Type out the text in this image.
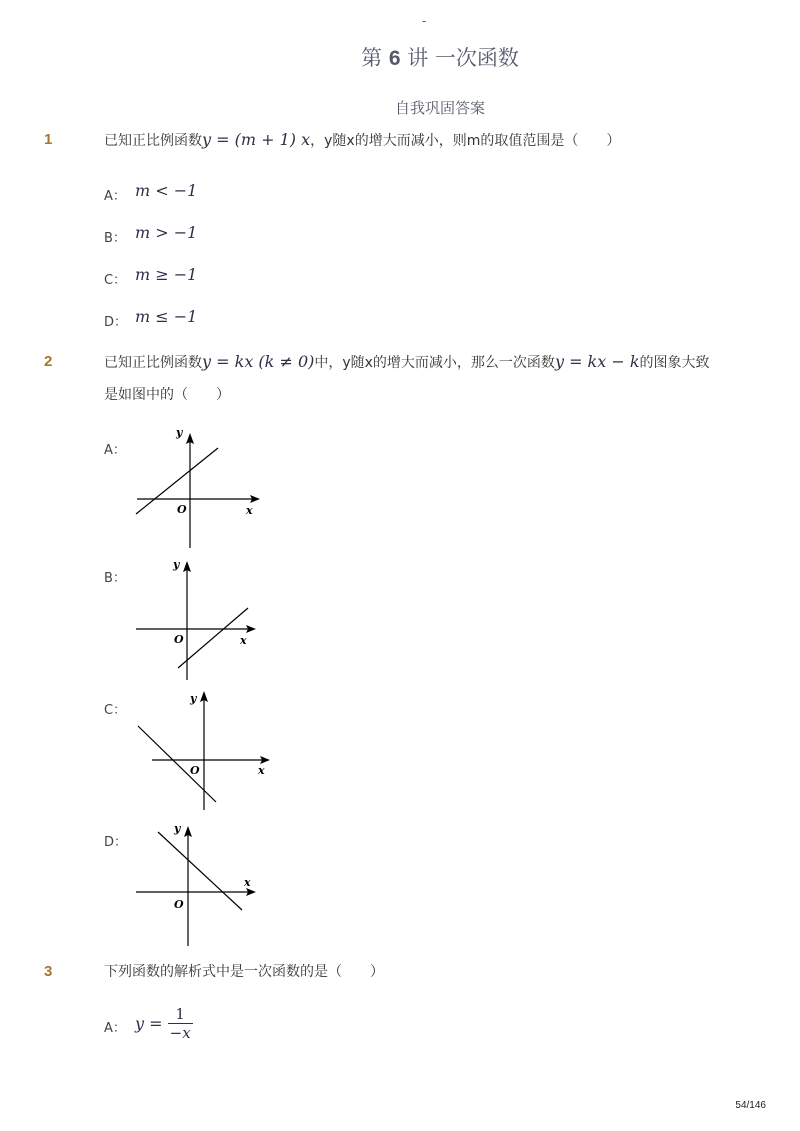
-
第 6 讲 一次函数
自我巩固答案
1	已知正比例函数y = (m + 1) x，y随x的增大而减小，则m的取值范围是（　　）
A： m < −1
B： m > −1
C： m ≥ −1
D： m ≤ −1
2	已知正比例函数y = kx (k ≠ 0)中，y随x的增大而减小，那么一次函数y = kx − k的图象大致
是如图中的（　　）
A：
y
x
O
B：
y
x
O
C：
y
x
O
D：
y
x
O
3	下列函数的解析式中是一次函数的是（　　）
A： $y = \frac{1}{-x}$
54/146
